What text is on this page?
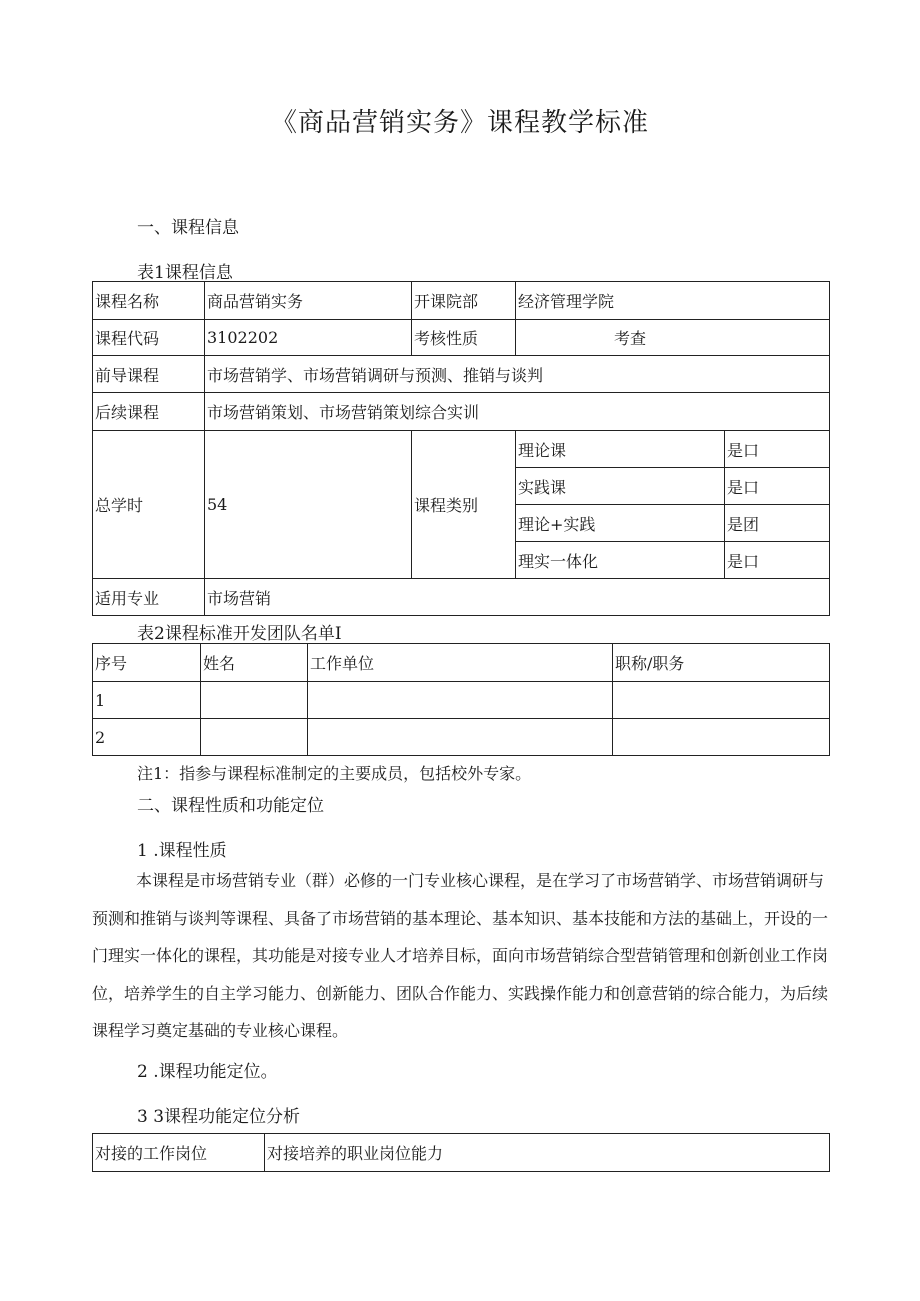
《商品营销实务》课程教学标准
一、课程信息
表1课程信息
课程名称	商品营销实务	开课院部	经济管理学院	
课程代码	3102202	考核性质	考查	
前导课程	市场营销学、市场营销调研与预测、推销与谈判			
后续课程	市场营销策划、市场营销策划综合实训			
总学时	54	课程类别	理论课	是口
			实践课	是口
			理论+实践	是团
			理实一体化	是口
适用专业	市场营销			
表2课程标准开发团队名单I
序号	姓名	工作单位	职称/职务
1			
2			
注1：指参与课程标准制定的主要成员，包括校外专家。
二、课程性质和功能定位
1 .课程性质
本课程是市场营销专业（群）必修的一门专业核心课程，是在学习了市场营销学、市场营销调研与预测和推销与谈判等课程、具备了市场营销的基本理论、基本知识、基本技能和方法的基础上，开设的一门理实一体化的课程，其功能是对接专业人才培养目标，面向市场营销综合型营销管理和创新创业工作岗位，培养学生的自主学习能力、创新能力、团队合作能力、实践操作能力和创意营销的综合能力，为后续课程学习奠定基础的专业核心课程。
2 .课程功能定位。
3 3课程功能定位分析
对接的工作岗位	对接培养的职业岗位能力
